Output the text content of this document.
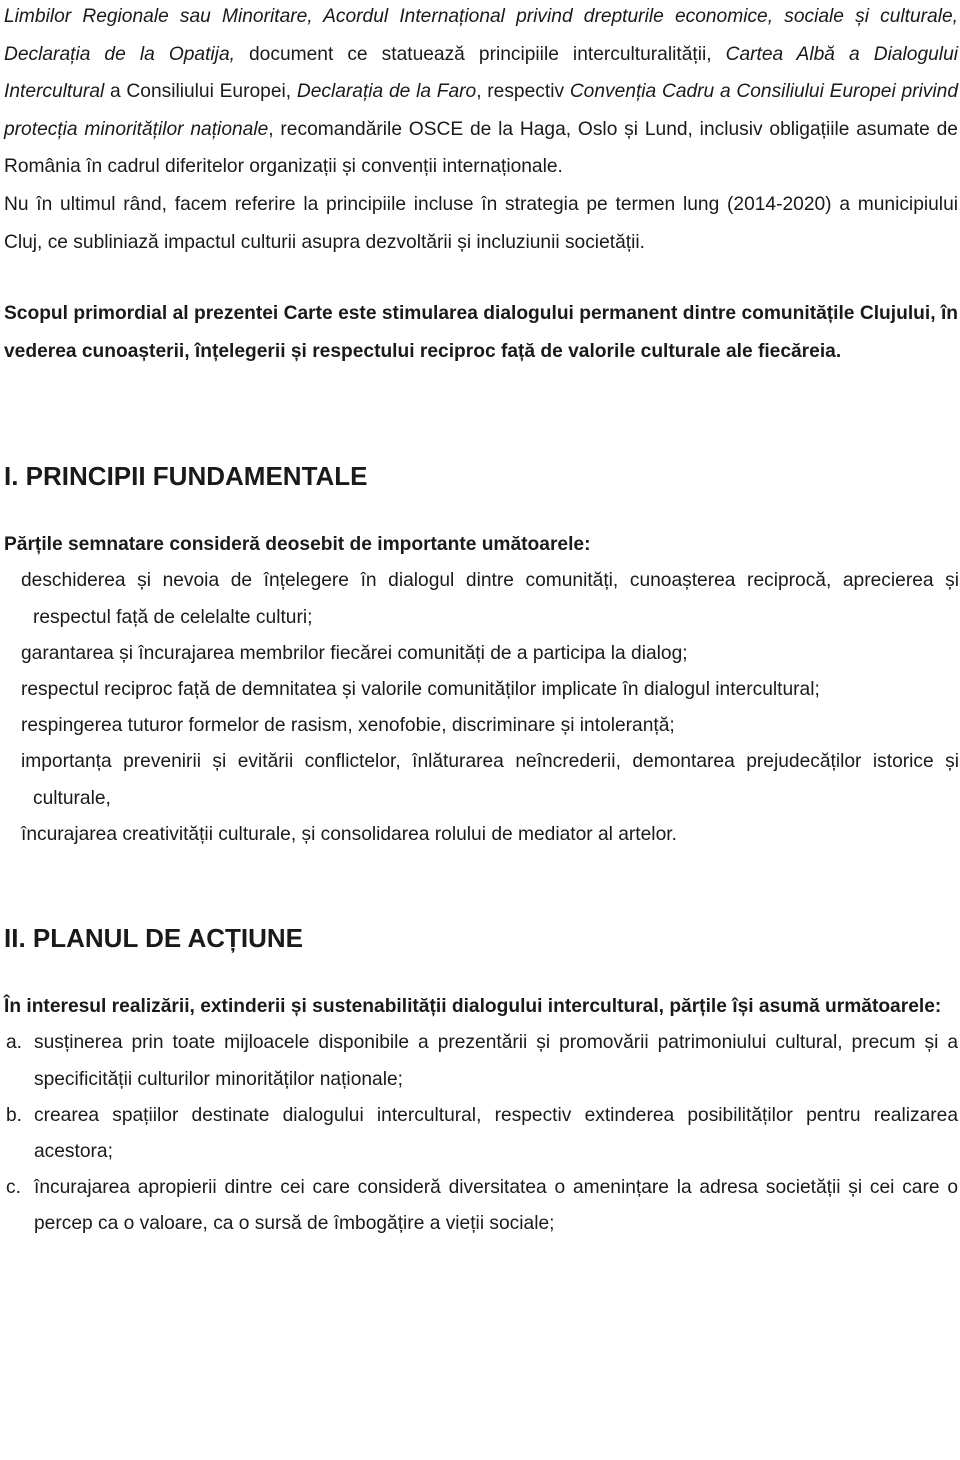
Limbilor Regionale sau Minoritare, Acordul Internațional privind drepturile economice, sociale și culturale, Declarația de la Opatija, document ce statuează principiile interculturalității, Cartea Albă a Dialogului Intercultural a Consiliului Europei, Declarația de la Faro, respectiv Convenția Cadru a Consiliului Europei privind protecția minorităților naționale, recomandările OSCE de la Haga, Oslo și Lund, inclusiv obligațiile asumate de România în cadrul diferitelor organizații și convenții internaționale.

Nu în ultimul rând, facem referire la principiile incluse în strategia pe termen lung (2014-2020) a municipiului Cluj, ce subliniază impactul culturii asupra dezvoltării și incluziunii societății.

Scopul primordial al prezentei Carte este stimularea dialogului permanent dintre comunitățile Clujului, în vederea cunoașterii, înțelegerii și respectului reciproc față de valorile culturale ale fiecăreia.

I. PRINCIPII FUNDAMENTALE

Părțile semnatare consideră deosebit de importante umătoarele:

deschiderea și nevoia de înțelegere în dialogul dintre comunități, cunoașterea reciprocă, aprecierea și respectul față de celelalte culturi;
garantarea și încurajarea membrilor fiecărei comunități de a participa la dialog;
respectul reciproc față de demnitatea și valorile comunităților implicate în dialogul intercultural;
respingerea tuturor formelor de rasism, xenofobie, discriminare și intoleranță;
importanța prevenirii și evitării conflictelor, înlăturarea neîncrederii, demontarea prejudecăților istorice și culturale,
încurajarea creativității culturale, și consolidarea rolului de mediator al artelor.
II. PLANUL DE ACȚIUNE

În interesul realizării, extinderii și sustenabilității dialogului intercultural, părțile își asumă următoarele:

a. susținerea prin toate mijloacele disponibile a prezentării și promovării patrimoniului cultural, precum și a specificității culturilor minorităților naționale;
b. crearea spațiilor destinate dialogului intercultural, respectiv extinderea posibilităților pentru realizarea acestora;
c. încurajarea apropierii dintre cei care consideră diversitatea o amenințare la adresa societății și cei care o percep ca o valoare, ca o sursă de îmbogățire a vieții sociale;
